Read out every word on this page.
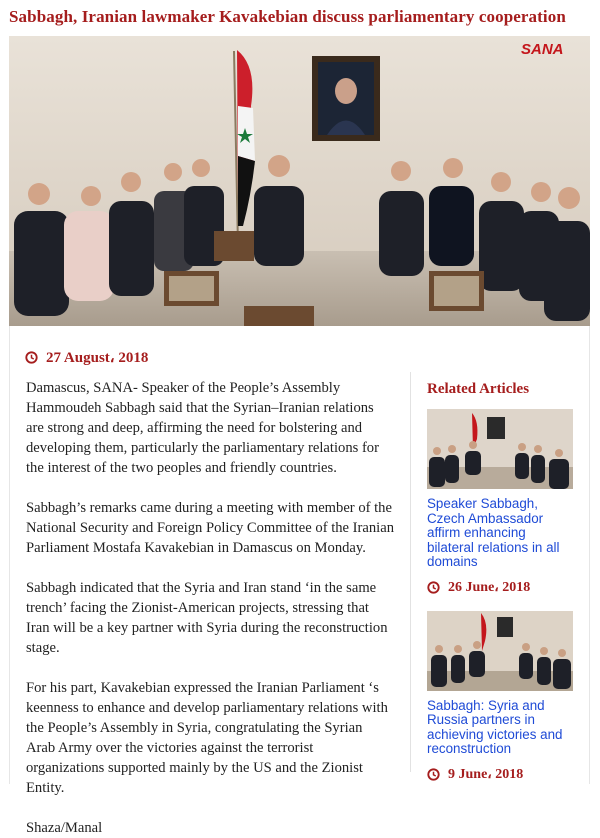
Sabbagh, Iranian lawmaker Kavakebian discuss parliamentary cooperation
SANA
27 August، 2018

Damascus, SANA- Speaker of the People’s Assembly Hammoudeh Sabbagh said that the Syrian–Iranian relations are strong and deep, affirming the need for bolstering and developing them, particularly the parliamentary relations for the interest of the two peoples and friendly countries.

Sabbagh’s remarks came during a meeting with member of the National Security and Foreign Policy Committee of the Iranian Parliament Mostafa Kavakebian in Damascus on Monday.

Sabbagh indicated that the Syria and Iran stand ‘in the same trench’ facing the Zionist-American projects, stressing that Iran will be a key partner with Syria during the reconstruction stage.

For his part, Kavakebian expressed the Iranian Parliament ‘s keenness to enhance and develop parliamentary relations with the People’s Assembly in Syria, congratulating the Syrian Arab Army over the victories against the terrorist organizations supported mainly by the US and the Zionist Entity.

Shaza/Manal

Related Articles
Speaker Sabbagh, Czech Ambassador affirm enhancing bilateral relations in all domains
26 June، 2018
Sabbagh: Syria and Russia partners in achieving victories and reconstruction
9 June، 2018
